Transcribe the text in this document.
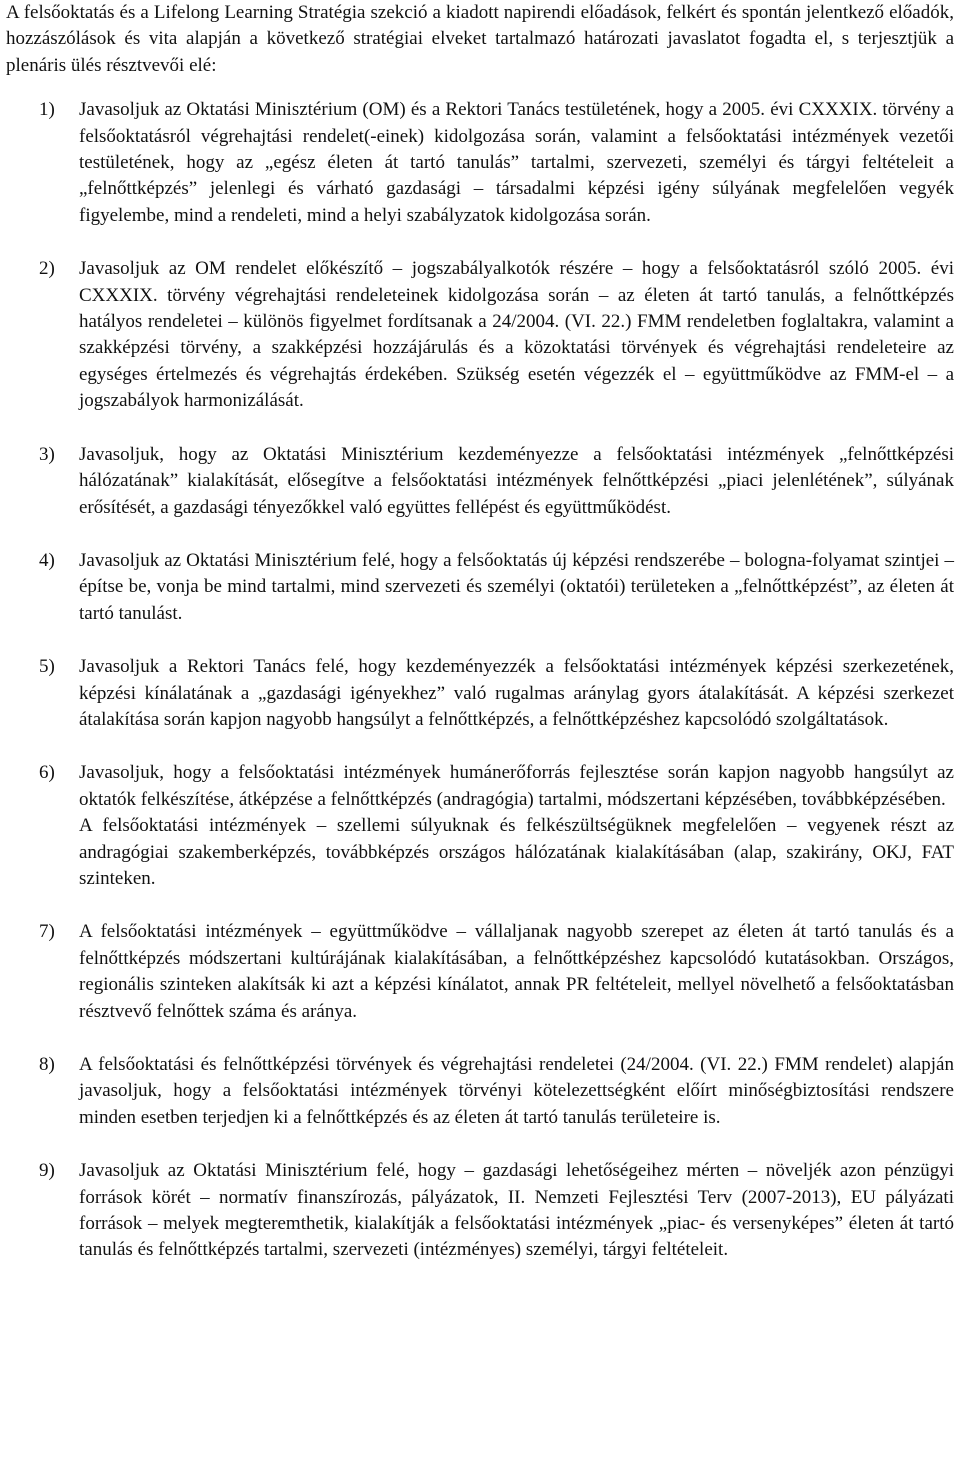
A felsőoktatás és a Lifelong Learning Stratégia szekció a kiadott napirendi előadások, felkért és spontán jelentkező előadók, hozzászólások és vita alapján a következő stratégiai elveket tartalmazó határozati javaslatot fogadta el, s terjesztjük a plenáris ülés résztvevői elé:

1)	Javasoljuk az Oktatási Minisztérium (OM) és a Rektori Tanács testületének, hogy a 2005. évi CXXXIX. törvény a felsőoktatásról végrehajtási rendelet(-einek) kidolgozása során, valamint a felsőoktatási intézmények vezetői testületének, hogy az „egész életen át tartó tanulás” tartalmi, szervezeti, személyi és tárgyi feltételeit a „felnőttképzés” jelenlegi és várható gazdasági – társadalmi képzési igény súlyának megfelelően vegyék figyelembe, mind a rendeleti, mind a helyi szabályzatok kidolgozása során.

2)	Javasoljuk az OM rendelet előkészítő – jogszabályalkotók részére – hogy a felsőoktatásról szóló 2005. évi CXXXIX. törvény végrehajtási rendeleteinek kidolgozása során – az életen át tartó tanulás, a felnőttképzés hatályos rendeletei – különös figyelmet fordítsanak a 24/2004. (VI. 22.) FMM rendeletben foglaltakra, valamint a szakképzési törvény, a szakképzési hozzájárulás és a közoktatási törvények és végrehajtási rendeleteire az egységes értelmezés és végrehajtás érdekében. Szükség esetén végezzék el – együttműködve az FMM-el – a jogszabályok harmonizálását.

3)	Javasoljuk, hogy az Oktatási Minisztérium kezdeményezze a felsőoktatási intézmények „felnőttképzési hálózatának” kialakítását, elősegítve a felsőoktatási intézmények felnőttképzési „piaci jelenlétének”, súlyának erősítését, a gazdasági tényezőkkel való együttes fellépést és együttműködést.

4)	Javasoljuk az Oktatási Minisztérium felé, hogy a felsőoktatás új képzési rendszerébe – bologna-folyamat szintjei – építse be, vonja be mind tartalmi, mind szervezeti és személyi (oktatói) területeken a „felnőttképzést”, az életen át tartó tanulást.

5)	Javasoljuk a Rektori Tanács felé, hogy kezdeményezzék a felsőoktatási intézmények képzési szerkezetének, képzési kínálatának a „gazdasági igényekhez” való rugalmas aránylag gyors átalakítását. A képzési szerkezet átalakítása során kapjon nagyobb hangsúlyt a felnőttképzés, a felnőttképzéshez kapcsolódó szolgáltatások.

6)	Javasoljuk, hogy a felsőoktatási intézmények humánerőforrás fejlesztése során kapjon nagyobb hangsúlyt az oktatók felkészítése, átképzése a felnőttképzés (andragógia) tartalmi, módszertani képzésében, továbbképzésében.

A felsőoktatási intézmények – szellemi súlyuknak és felkészültségüknek megfelelően – vegyenek részt az andragógiai szakemberképzés, továbbképzés országos hálózatának kialakításában (alap, szakirány, OKJ, FAT szinteken.

7)	A felsőoktatási intézmények – együttműködve – vállaljanak nagyobb szerepet az életen át tartó tanulás és a felnőttképzés módszertani kultúrájának kialakításában, a felnőttképzéshez kapcsolódó kutatásokban. Országos, regionális szinteken alakítsák ki azt a képzési kínálatot, annak PR feltételeit, mellyel növelhető a felsőoktatásban résztvevő felnőttek száma és aránya.

8)	A felsőoktatási és felnőttképzési törvények és végrehajtási rendeletei (24/2004. (VI. 22.) FMM rendelet) alapján javasoljuk, hogy a felsőoktatási intézmények törvényi kötelezettségként előírt minőségbiztosítási rendszere minden esetben terjedjen ki a felnőttképzés és az életen át tartó tanulás területeire is.

9)	Javasoljuk az Oktatási Minisztérium felé, hogy – gazdasági lehetőségeihez mérten – növeljék azon pénzügyi források körét – normatív finanszírozás, pályázatok, II. Nemzeti Fejlesztési Terv (2007-2013), EU pályázati források – melyek megteremthetik, kialakítják a felsőoktatási intézmények „piac- és versenyképes” életen át tartó tanulás és felnőttképzés tartalmi, szervezeti (intézményes) személyi, tárgyi feltételeit.
